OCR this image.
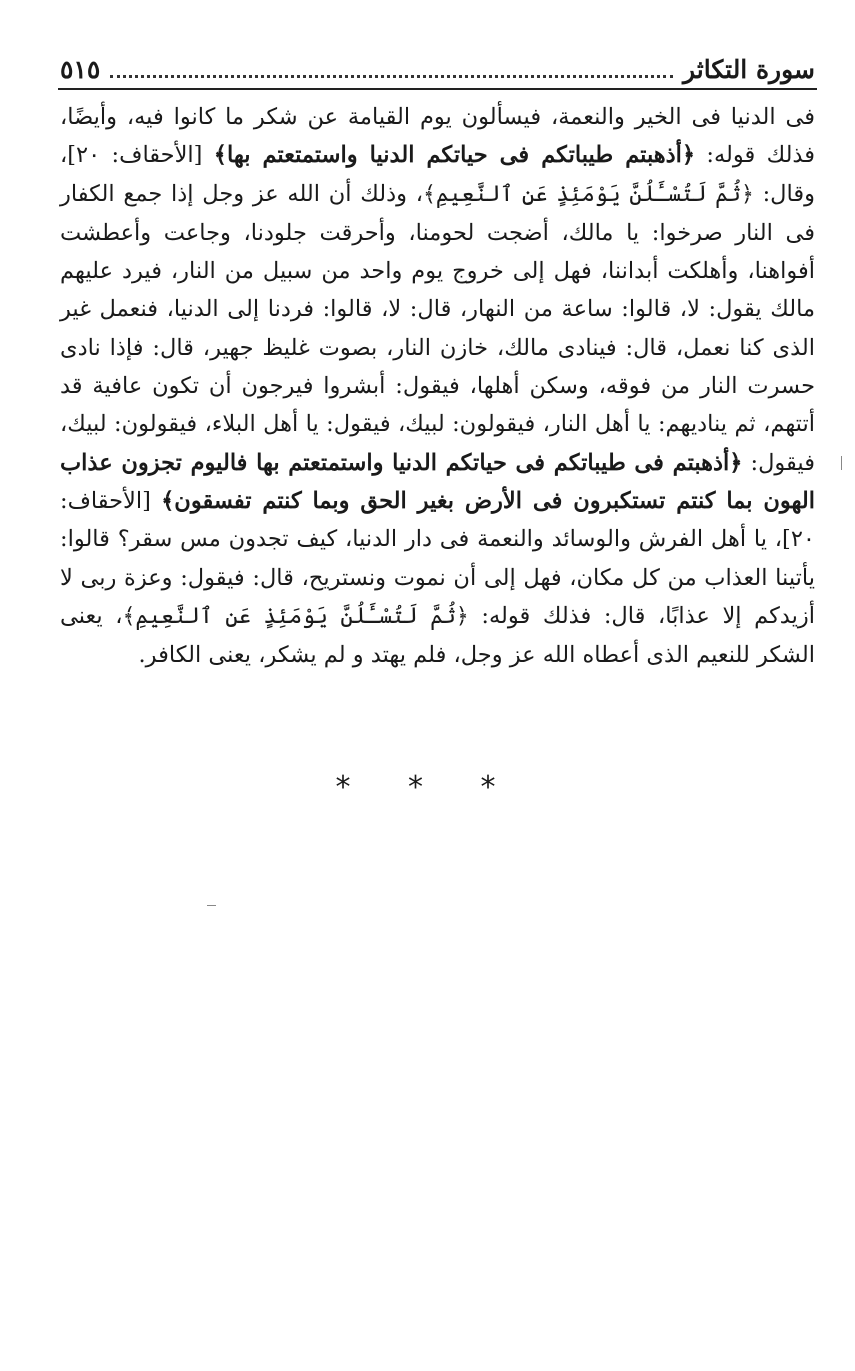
سورة التكاثر
٥١٥
فى الدنيا فى الخير والنعمة، فيسألون يوم القيامة عن شكر ما كانوا فيه، وأيضًا، فذلك قوله: ﴿أذهبتم طيباتكم فى حياتكم الدنيا واستمتعتم بها﴾ [الأحقاف: ٢٠]، وقال: ﴿ثُمَّ لَتُسْـَٔلُنَّ يَوْمَئِذٍ عَنِ ٱلنَّعِيمِ﴾، وذلك أن الله عز وجل إذا جمع الكفار فى النار صرخوا: يا مالك، أضجت لحومنا، وأحرقت جلودنا، وجاعت وأعطشت أفواهنا، وأهلكت أبداننا، فهل إلى خروج يوم واحد من سبيل من النار، فيرد عليهم مالك يقول: لا، قالوا: ساعة من النهار، قال: لا، قالوا: فردنا إلى الدنيا، فنعمل غير الذى كنا نعمل، قال: فينادى مالك، خازن النار، بصوت غليظ جهير، قال: فإذا نادى حسرت النار من فوقه، وسكن أهلها، فيقول: أبشروا فيرجون أن تكون عافية قد أتتهم، ثم يناديهم: يا أهل النار، فيقولون: لبيك، فيقول: يا أهل البلاء، فيقولون: لبيك، فيقول: ﴿أذهبتم فى طيباتكم فى حياتكم الدنيا واستمتعتم بها فاليوم تجزون عذاب الهون بما كنتم تستكبرون فى الأرض بغير الحق وبما كنتم تفسقون﴾ [الأحقاف: ٢٠]، يا أهل الفرش والوسائد والنعمة فى دار الدنيا، كيف تجدون مس سقر؟ قالوا: يأتينا العذاب من كل مكان، فهل إلى أن نموت ونستريح، قال: فيقول: وعزة ربى لا أزيدكم إلا عذابًا، قال: فذلك قوله: ﴿ثُمَّ لَتُسْـَٔلُنَّ يَوْمَئِذٍ عَنِ ٱلنَّعِيمِ﴾، يعنى الشكر للنعيم الذى أعطاه الله عز وجل، فلم يهتد و لم يشكر، يعنى الكافر.
* * *
